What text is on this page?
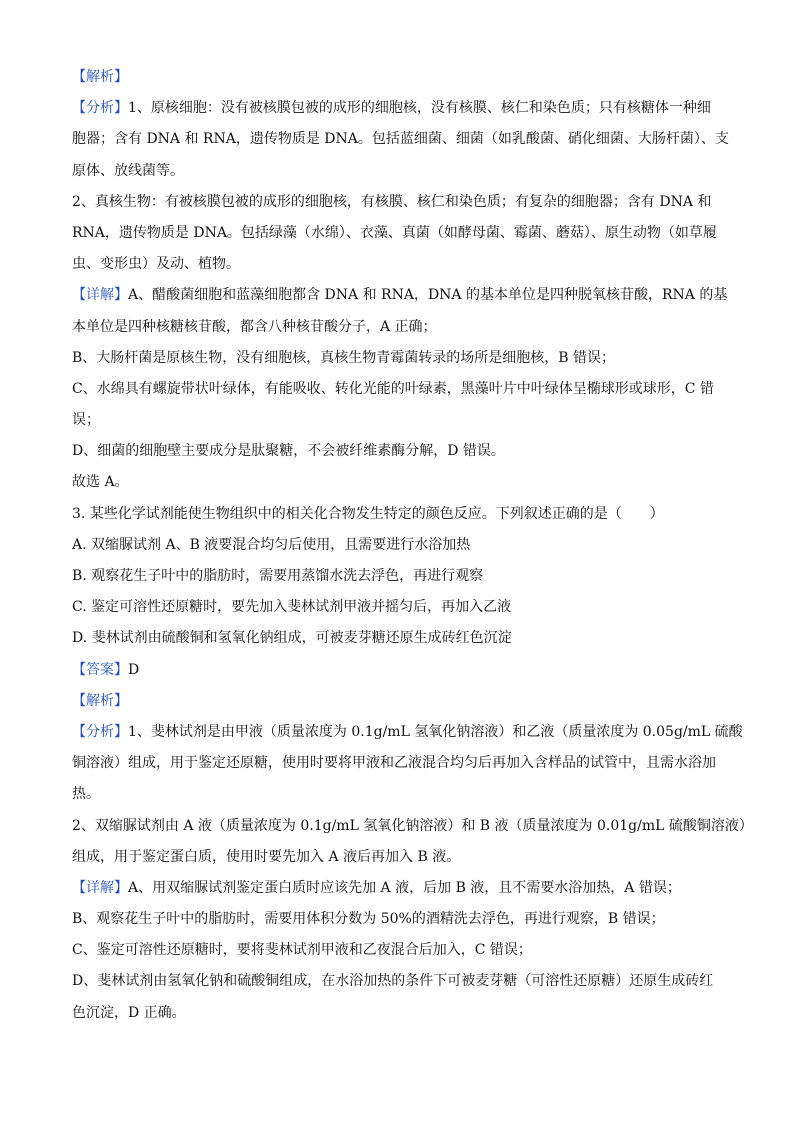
【解析】
【分析】1、原核细胞：没有被核膜包被的成形的细胞核，没有核膜、核仁和染色质；只有核糖体一种细
胞器；含有 DNA 和 RNA，遗传物质是 DNA。包括蓝细菌、细菌（如乳酸菌、硝化细菌、大肠杆菌）、支
原体、放线菌等。
2、真核生物：有被核膜包被的成形的细胞核，有核膜、核仁和染色质；有复杂的细胞器；含有 DNA 和
RNA，遗传物质是 DNA。包括绿藻（水绵）、衣藻、真菌（如酵母菌、霉菌、蘑菇）、原生动物（如草履
虫、变形虫）及动、植物。
【详解】A、醋酸菌细胞和蓝藻细胞都含 DNA 和 RNA，DNA 的基本单位是四种脱氧核苷酸，RNA 的基
本单位是四种核糖核苷酸，都含八种核苷酸分子，A 正确；
B、大肠杆菌是原核生物，没有细胞核，真核生物青霉菌转录的场所是细胞核，B 错误；
C、水绵具有螺旋带状叶绿体，有能吸收、转化光能的叶绿素，黑藻叶片中叶绿体呈椭球形或球形，C 错
误；
D、细菌的细胞壁主要成分是肽聚糖，不会被纤维素酶分解，D 错误。
故选 A。
3. 某些化学试剂能使生物组织中的相关化合物发生特定的颜色反应。下列叙述正确的是（　　）
A. 双缩脲试剂 A、B 液要混合均匀后使用，且需要进行水浴加热
B. 观察花生子叶中的脂肪时，需要用蒸馏水洗去浮色，再进行观察
C. 鉴定可溶性还原糖时，要先加入斐林试剂甲液并摇匀后，再加入乙液
D. 斐林试剂由硫酸铜和氢氧化钠组成，可被麦芽糖还原生成砖红色沉淀
【答案】D
【解析】
【分析】1、斐林试剂是由甲液（质量浓度为 0.1g/mL 氢氧化钠溶液）和乙液（质量浓度为 0.05g/mL 硫酸
铜溶液）组成，用于鉴定还原糖，使用时要将甲液和乙液混合均匀后再加入含样品的试管中，且需水浴加
热。
2、双缩脲试剂由 A 液（质量浓度为 0.1g/mL 氢氧化钠溶液）和 B 液（质量浓度为 0.01g/mL 硫酸铜溶液）
组成，用于鉴定蛋白质，使用时要先加入 A 液后再加入 B 液。
【详解】A、用双缩脲试剂鉴定蛋白质时应该先加 A 液，后加 B 液，且不需要水浴加热，A 错误；
B、观察花生子叶中的脂肪时，需要用体积分数为 50%的酒精洗去浮色，再进行观察，B 错误；
C、鉴定可溶性还原糖时，要将斐林试剂甲液和乙夜混合后加入，C 错误；
D、斐林试剂由氢氧化钠和硫酸铜组成，在水浴加热的条件下可被麦芽糖（可溶性还原糖）还原生成砖红
色沉淀，D 正确。
